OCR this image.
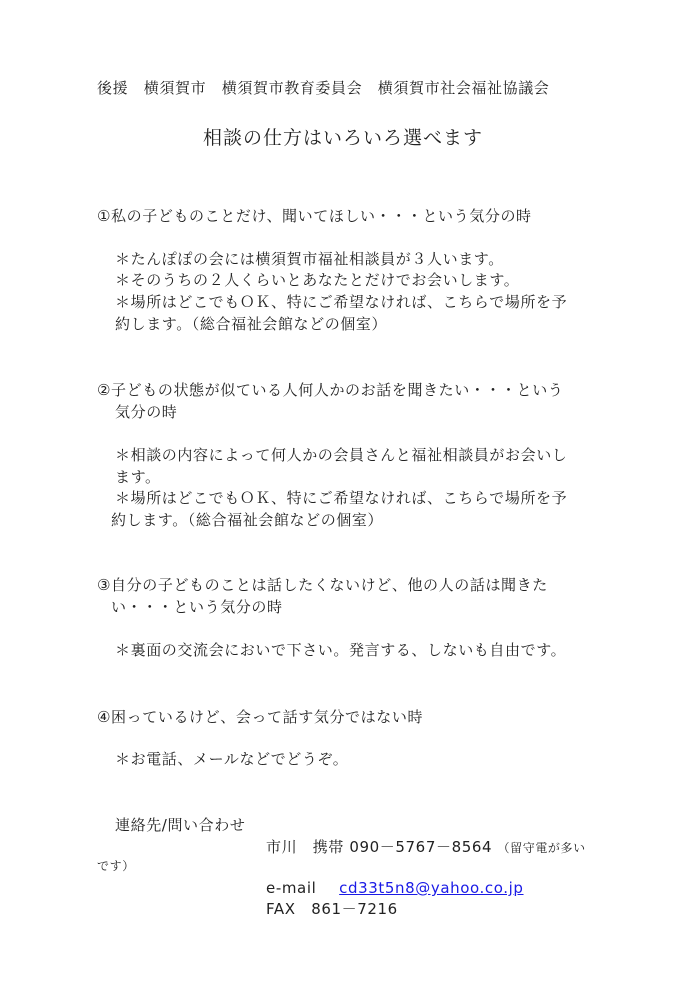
後援　横須賀市　横須賀市教育委員会　横須賀市社会福祉協議会
相談の仕方はいろいろ選べます
①私の子どものことだけ、聞いてほしい・・・という気分の時
＊たんぽぽの会には横須賀市福祉相談員が３人います。
＊そのうちの２人くらいとあなたとだけでお会いします。
＊場所はどこでもＯＫ、特にご希望なければ、こちらで場所を予
約します。（総合福祉会館などの個室）
②子どもの状態が似ている人何人かのお話を聞きたい・・・という
気分の時
＊相談の内容によって何人かの会員さんと福祉相談員がお会いし
ます。
＊場所はどこでもＯＫ、特にご希望なければ、こちらで場所を予
約します。（総合福祉会館などの個室）
③自分の子どものことは話したくないけど、他の人の話は聞きた
い・・・という気分の時
＊裏面の交流会においで下さい。発言する、しないも自由です。
④困っているけど、会って話す気分ではない時
＊お電話、メールなどでどうぞ。
連絡先/問い合わせ
市川　携帯 090－5767－8564 （留守電が多い
です）
e-mail cd33t5n8@yahoo.co.jp
FAX　861－7216
